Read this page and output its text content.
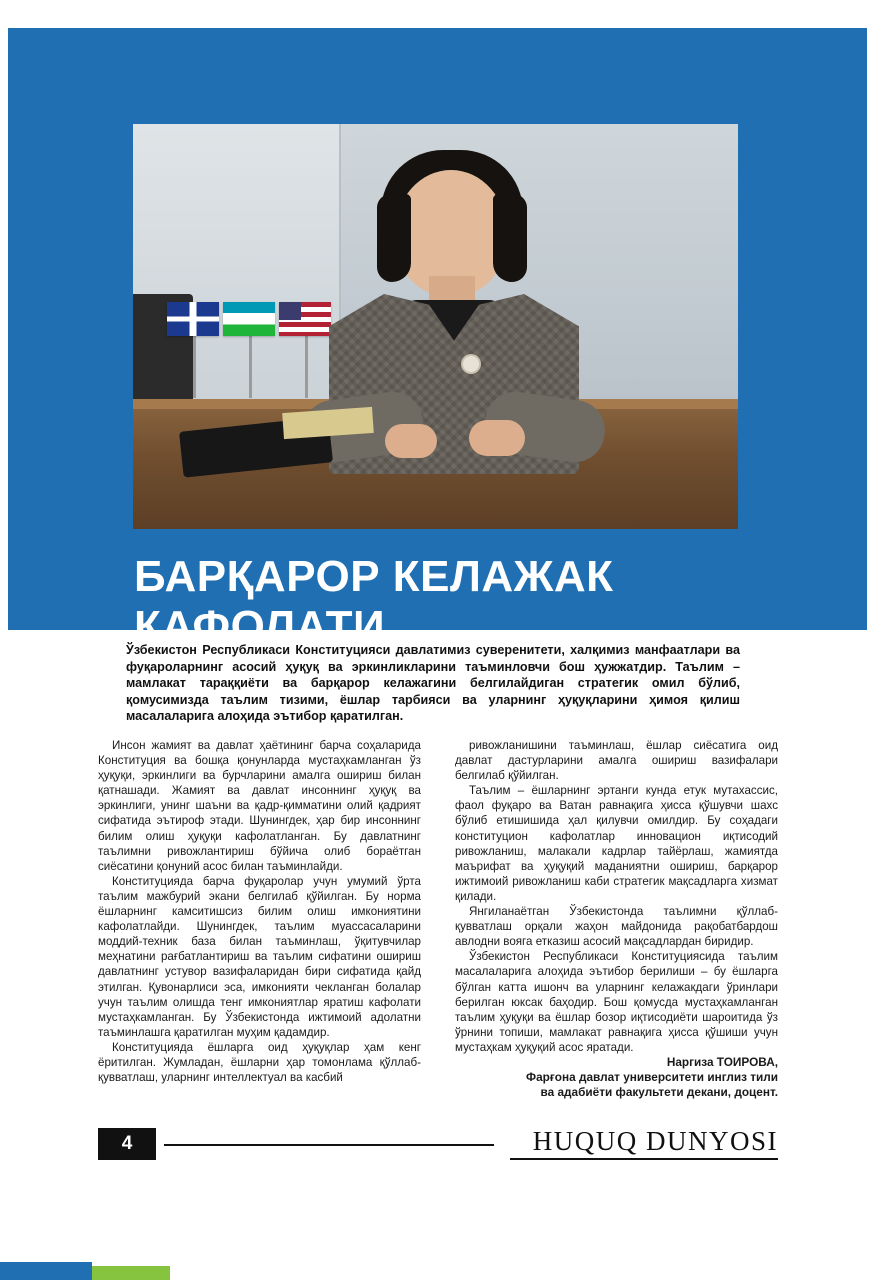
БАРҚАРОР КЕЛАЖАК КАФОЛАТИ
Ўзбекистон Республикаси Конституцияси давлатимиз суверенитети, халқимиз манфаатлари ва фуқароларнинг асосий ҳуқуқ ва эркинликларини таъминловчи бош ҳужжатдир. Таълим – мамлакат тараққиёти ва барқарор келажагини белгилайдиган стратегик омил бўлиб, қомусимизда таълим тизими, ёшлар тарбияси ва уларнинг ҳуқуқларини ҳимоя қилиш масалаларига алоҳида эътибор қаратилган.

Инсон жамият ва давлат ҳаётининг барча соҳаларида Конституция ва бошқа қонунларда мустаҳкамланган ўз ҳуқуқи, эркинлиги ва бурчларини амалга ошириш билан қатнашади. Жамият ва давлат инсоннинг ҳуқуқ ва эркинлиги, унинг шаъни ва қадр-қимматини олий қадрият сифатида эътироф этади. Шунингдек, ҳар бир инсоннинг билим олиш ҳуқуқи кафолатланган. Бу давлатнинг таълимни ривожлантириш бўйича олиб бораётган сиёсатини қонуний асос билан таъминлайди.

Конституцияда барча фуқаролар учун умумий ўрта таълим мажбурий экани белгилаб қўйилган. Бу норма ёшларнинг камситишсиз билим олиш имкониятини кафолатлайди. Шунингдек, таълим муассасаларини моддий-техник база билан таъминлаш, ўқитувчилар меҳнатини рағбатлантириш ва таълим сифатини ошириш давлатнинг устувор вазифаларидан бири сифатида қайд этилган. Қувонарлиси эса, имконияти чекланган болалар учун таълим олишда тенг имкониятлар яратиш кафолати мустаҳкамланган. Бу Ўзбекистонда ижтимоий адолатни таъминлашга қаратилган муҳим қадамдир.

Конституцияда ёшларга оид ҳуқуқлар ҳам кенг ёритилган. Жумладан, ёшларни ҳар томонлама қўллаб-қувватлаш, уларнинг интеллектуал ва касбий

ривожланишини таъминлаш, ёшлар сиёсатига оид давлат дастурларини амалга ошириш вазифалари белгилаб қўйилган.

Таълим – ёшларнинг эртанги кунда етук мутахассис, фаол фуқаро ва Ватан равнақига ҳисса қўшувчи шахс бўлиб етишишида ҳал қилувчи омилдир. Бу соҳадаги конституцион кафолатлар инновацион иқтисодий ривожланиш, малакали кадрлар тайёрлаш, жамиятда маърифат ва ҳуқуқий маданиятни ошириш, барқарор ижтимоий ривожланиш каби стратегик мақсадларга хизмат қилади.

Янгиланаётган Ўзбекистонда таълимни қўллаб-қувватлаш орқали жаҳон майдонида рақобатбардош авлодни вояга етказиш асосий мақсадлардан биридир.

Ўзбекистон Республикаси Конституциясида таълим масалаларига алоҳида эътибор берилиши – бу ёшларга бўлган катта ишонч ва уларнинг келажакдаги ўринлари берилган юксак баҳодир. Бош қомусда мустаҳкамланган таълим ҳуқуқи ва ёшлар бозор иқтисодиёти шароитида ўз ўрнини топиши, мамлакат равнақига ҳисса қўшиши учун мустаҳкам ҳуқуқий асос яратади.

Наргиза ТОИРОВА,
Фарғона давлат университети инглиз тили
ва адабиёти факультети декани, доцент.

4	HUQUQ DUNYOSI
